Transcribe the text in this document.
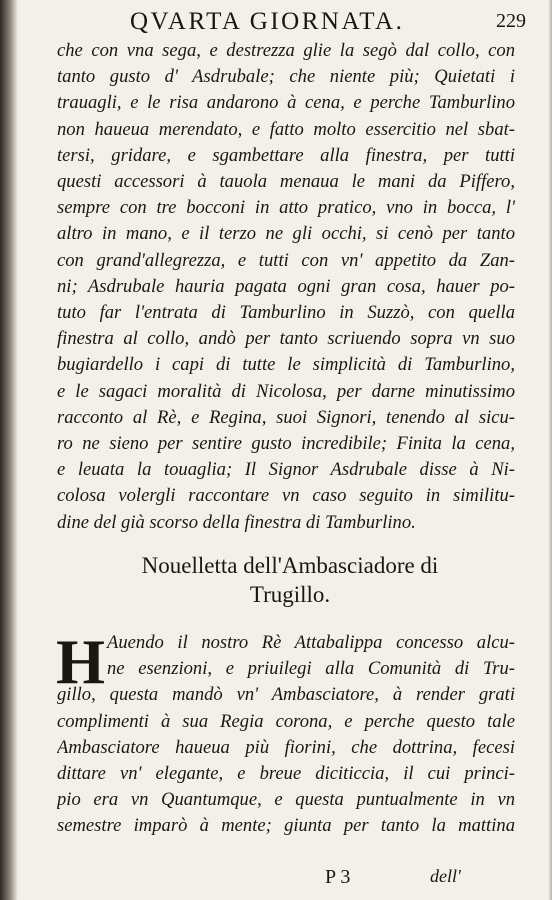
QVARTA GIORNATA.	229
che con vna sega, e destrezza glie la segò dal collo, con
tanto gusto d' Asdrubale; che niente più; Quietati i
trauagli, e le risa andarono à cena, e perche Tamburlino
non haueua merendato, e fatto molto essercitio nel sbat-
tersi, gridare, e sgambettare alla finestra, per tutti
questi accessori à tauola menaua le mani da Piffero,
sempre con tre bocconi in atto pratico, vno in bocca, l'
altro in mano, e il terzo ne gli occhi, si cenò per tanto
con grand'allegrezza, e tutti con vn' appetito da Zan-
ni; Asdrubale hauria pagata ogni gran cosa, hauer po-
tuto far l'entrata di Tamburlino in Suzzò, con quella
finestra al collo, andò per tanto scriuendo sopra vn suo
bugiardello i capi di tutte le simplicità di Tamburlino,
e le sagaci moralità di Nicolosa, per darne minutissimo
racconto al Rè, e Regina, suoi Signori, tenendo al sicu-
ro ne sieno per sentire gusto incredibile; Finita la cena,
e leuata la touaglia; Il Signor Asdrubale disse à Ni-
colosa volergli raccontare vn caso seguito in similitu-
dine del già scorso della finestra di Tamburlino.
Nouelletta dell'Ambasciadore di
Trugillo.
H Auendo il nostro Rè Attabalippa concesso alcu-
ne esenzioni, e priuilegi alla Comunità di Tru-
gillo, questa mandò vn' Ambasciatore, à render grati
complimenti à sua Regia corona, e perche questo tale
Ambasciatore haueua più fiorini, che dottrina, fecesi
dittare vn' elegante, e breue diciticcia, il cui princi-
pio era vn Quantumque, e questa puntualmente in vn
semestre imparò à mente; giunta per tanto la mattina
P 3	dell'
